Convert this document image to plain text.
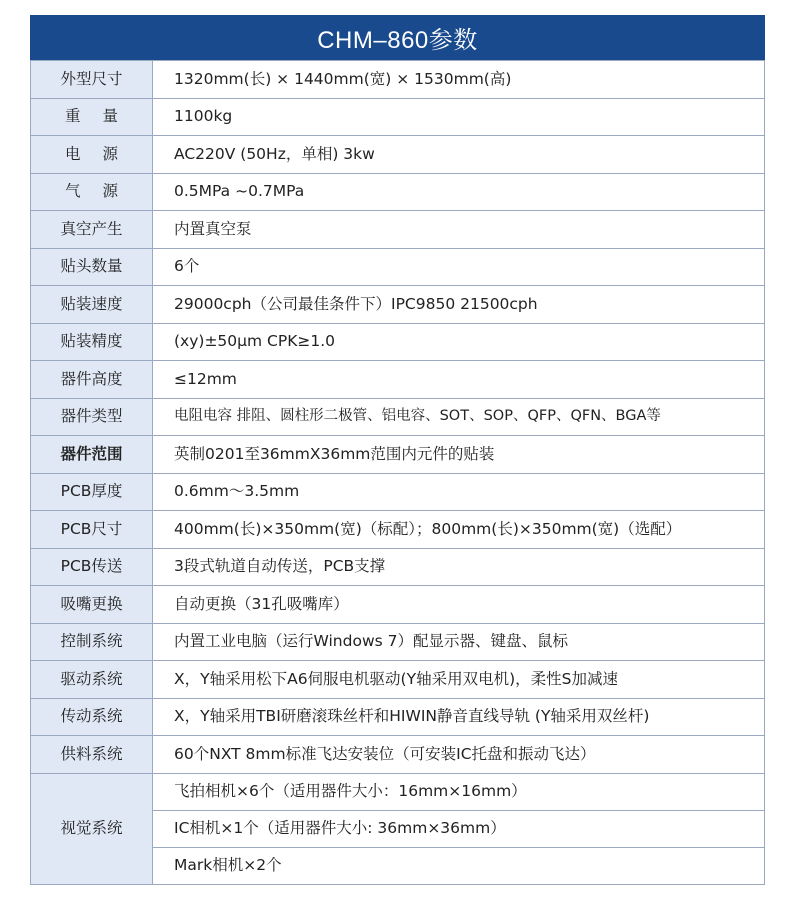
CHM–860参数
外型尺寸	1320mm(长) × 1440mm(宽) × 1530mm(高)
重量	1100kg
电源	AC220V (50Hz，单相) 3kw
气源	0.5MPa ~0.7MPa
真空产生	内置真空泵
贴头数量	6个
贴装速度	29000cph（公司最佳条件下）IPC9850 21500cph
贴装精度	(xy)±50μm CPK≥1.0
器件高度	≤12mm
器件类型	电阻电容 排阻、圆柱形二极管、铝电容、SOT、SOP、QFP、QFN、BGA等
器件范围	英制0201至36mmX36mm范围内元件的贴装
PCB厚度	0.6mm～3.5mm
PCB尺寸	400mm(长)×350mm(宽)（标配）；800mm(长)×350mm(宽)（选配）
PCB传送	3段式轨道自动传送，PCB支撑
吸嘴更换	自动更换（31孔吸嘴库）
控制系统	内置工业电脑（运行Windows 7）配显示器、键盘、鼠标
驱动系统	X，Y轴采用松下A6伺服电机驱动(Y轴采用双电机)，柔性S加减速
传动系统	X，Y轴采用TBI研磨滚珠丝杆和HIWIN静音直线导轨 (Y轴采用双丝杆)
供料系统	60个NXT 8mm标准飞达安装位（可安装IC托盘和振动飞达）
视觉系统	飞拍相机×6个（适用器件大小：16mm×16mm）
	IC相机×1个（适用器件大小: 36mm×36mm）
	Mark相机×2个
